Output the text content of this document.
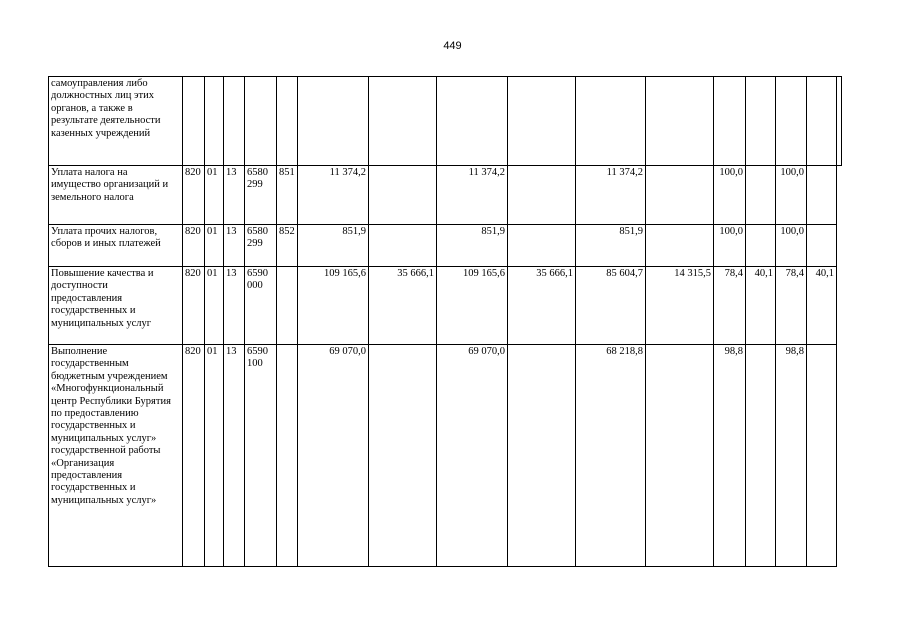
449
самоуправления либо должностных лиц этих органов, а также в результате деятельности казенных учреждений																
Уплата налога на имущество организаций и земельного налога	820	01	13	6580 299	851	11 374,2		11 374,2		11 374,2		100,0		100,0		
Уплата прочих налогов, сборов и иных платежей	820	01	13	6580 299	852	851,9		851,9		851,9		100,0		100,0		
Повышение качества и доступности предоставления государственных и муниципальных услуг	820	01	13	6590 000		109 165,6	35 666,1	109 165,6	35 666,1	85 604,7	14 315,5	78,4	40,1	78,4	40,1	
Выполнение государственным бюджетным учреждением «Многофункциональный центр Республики Бурятия по предоставлению государственных и муниципальных услуг» государственной работы «Организация предоставления государственных и муниципальных услуг»	820	01	13	6590 100		69 070,0		69 070,0		68 218,8		98,8		98,8		
